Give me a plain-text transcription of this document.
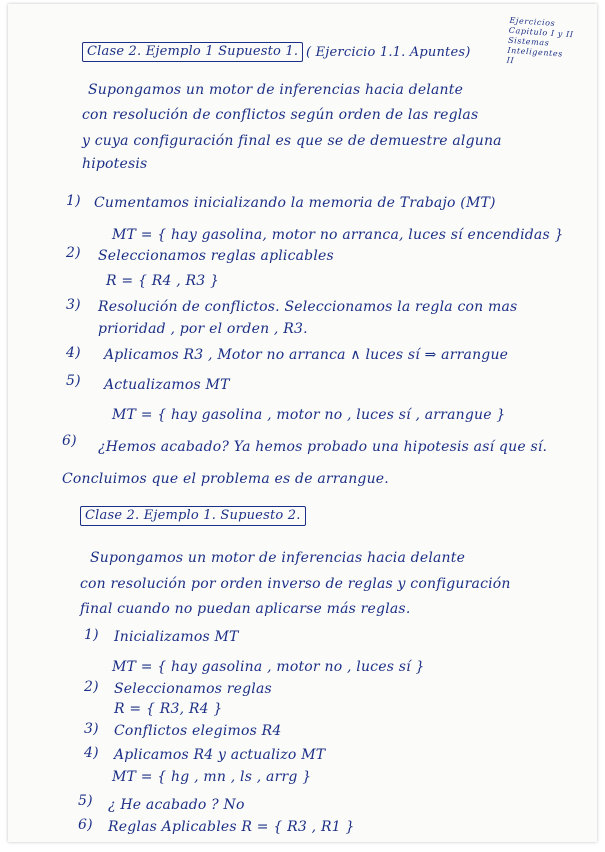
Ejercicios
Capitulo I y II
Sistemas
Inteligentes
II
Clase 2. Ejemplo 1 Supuesto 1. ( Ejercicio 1.1. Apuntes)
Supongamos un motor de inferencias hacia delante
con resolución de conflictos según orden de las reglas
y cuya configuración final es que se de demuestre alguna
hipotesis
1) Cumentamos inicializando la memoria de Trabajo (MT)
MT = { hay gasolina, motor no arranca, luces sí encendidas }
2) Seleccionamos reglas aplicables
R = { R4 , R3 }
3) Resolución de conflictos. Seleccionamos la regla con mas
prioridad , por el orden , R3.
4) Aplicamos R3 , Motor no arranca ∧ luces sí ⇒ arrangue
5) Actualizamos MT
MT = { hay gasolina , motor no , luces sí , arrangue }
6) ¿Hemos acabado? Ya hemos probado una hipotesis así que sí.
Concluimos que el problema es de arrangue.
Clase 2. Ejemplo 1. Supuesto 2.
Supongamos un motor de inferencias hacia delante
con resolución por orden inverso de reglas y configuración
final cuando no puedan aplicarse más reglas.
1) Inicializamos MT
MT = { hay gasolina , motor no , luces sí }
2) Seleccionamos reglas
R = { R3, R4 }
3) Conflictos elegimos R4
4) Aplicamos R4 y actualizo MT
MT = { hg , mn , ls , arrg }
5) ¿ He acabado ? No
6) Reglas Aplicables R = { R3 , R1 }
